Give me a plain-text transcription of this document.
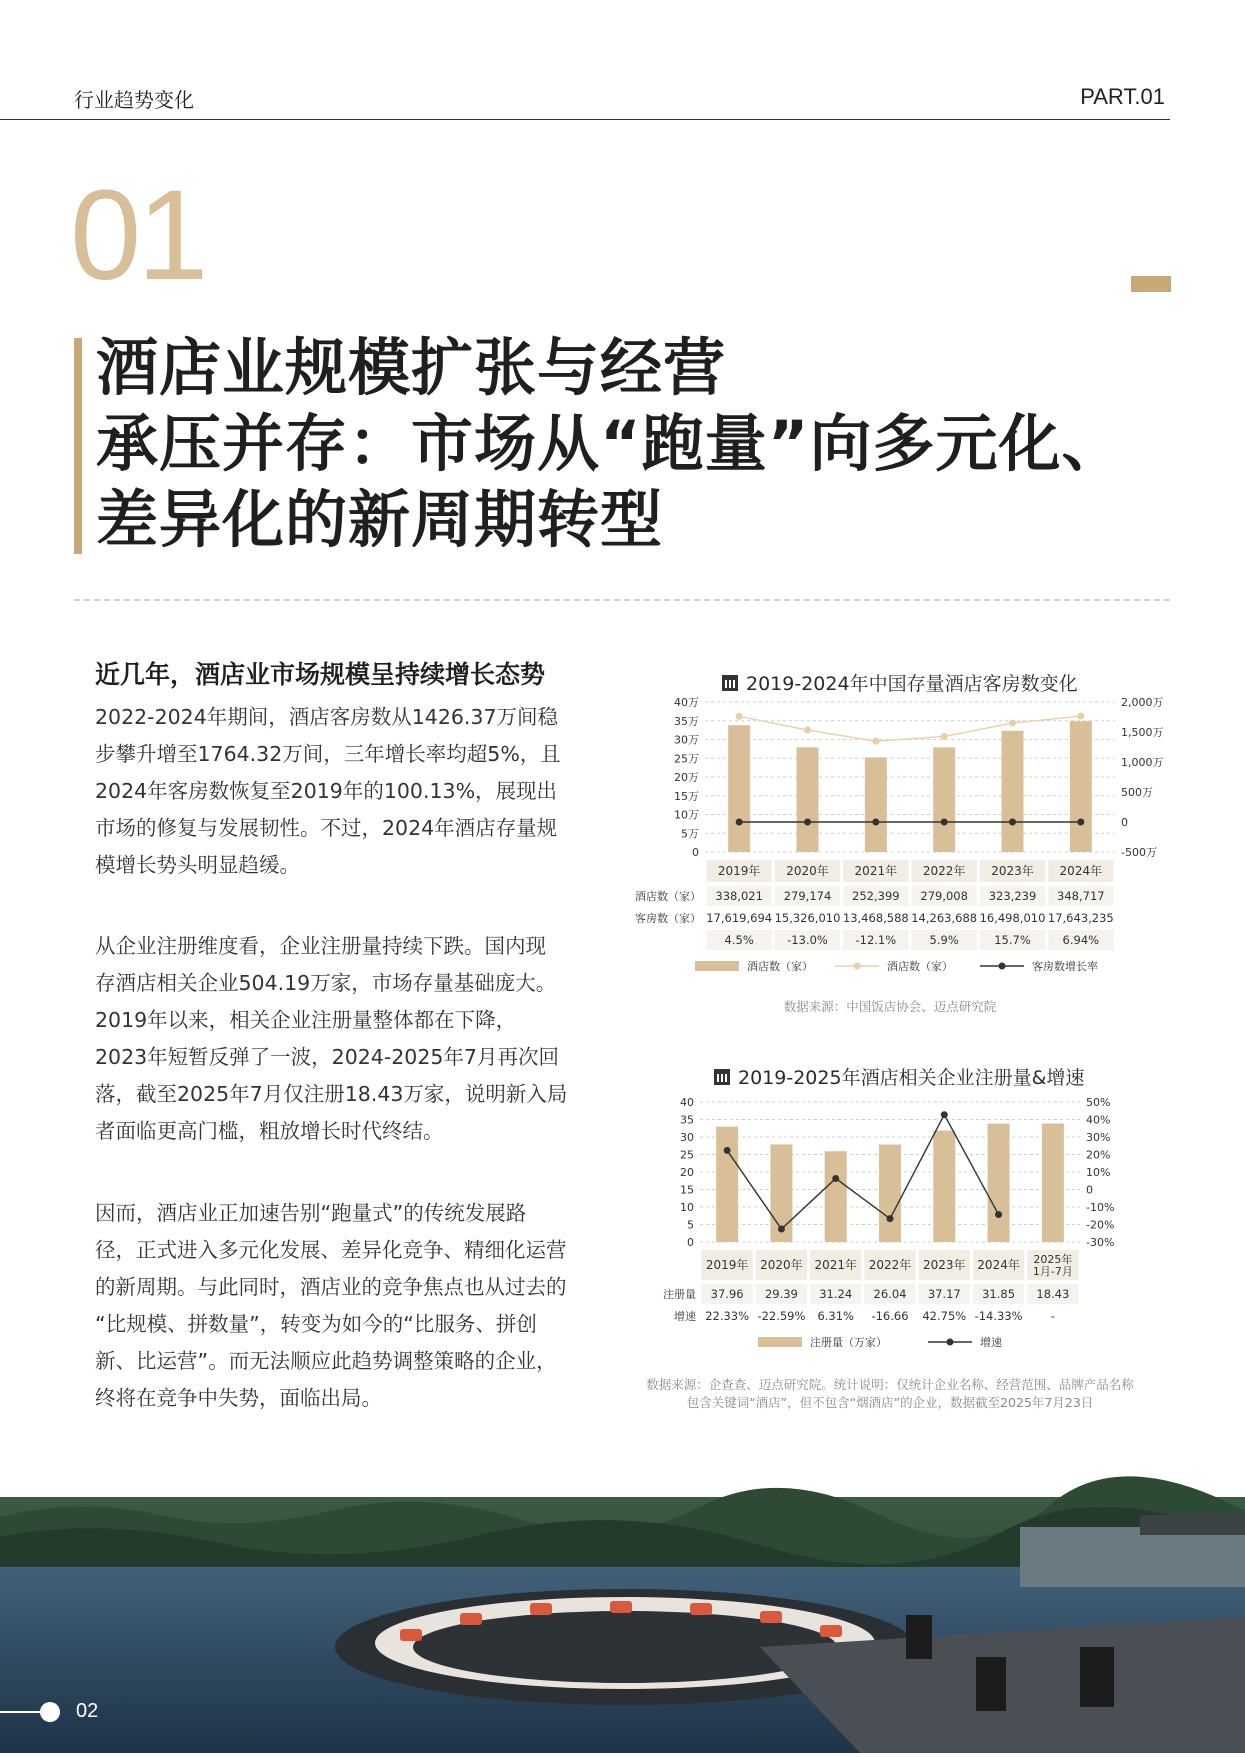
行业趋势变化	PART.01
01
酒店业规模扩张与经营
承压并存：市场从“跑量”向多元化、
差异化的新周期转型
近几年，酒店业市场规模呈持续增长态势
2022-2024年期间，酒店客房数从1426.37万间稳
步攀升增至1764.32万间，三年增长率均超5%，且
2024年客房数恢复至2019年的100.13%，展现出
市场的修复与发展韧性。不过，2024年酒店存量规
模增长势头明显趋缓。
从企业注册维度看，企业注册量持续下跌。国内现
存酒店相关企业504.19万家，市场存量基础庞大。
2019年以来，相关企业注册量整体都在下降，
2023年短暂反弹了一波，2024-2025年7月再次回
落，截至2025年7月仅注册18.43万家，说明新入局
者面临更高门槛，粗放增长时代终结。
因而，酒店业正加速告别“跑量式”的传统发展路
径，正式进入多元化发展、差异化竞争、精细化运营
的新周期。与此同时，酒店业的竞争焦点也从过去的
“比规模、拼数量”，转变为如今的“比服务、拼创
新、比运营”。而无法顺应此趋势调整策略的企业，
终将在竞争中失势，面临出局。
2019-2024年中国存量酒店客房数变化
40万
35万
30万
25万
20万
15万
10万
5万
0
2,000万
1,500万
1,000万
500万
0
-500万
2019年 2020年 2021年 2022年 2023年 2024年
酒店数（家） 338,021 279,174 252,399 279,008 323,239 348,717
客房数（家） 17,619,694 15,326,010 13,468,588 14,263,688 16,498,010 17,643,235
4.5%	-13.0% -12.1%	5.9%	15.7%	6.94%
酒店数（家）	酒店数（家）	客房数增长率
数据来源：中国饭店协会、迈点研究院
2019-2025年酒店相关企业注册量&增速
40
35
30
25
20
15
10
5
0
50%
40%
30%
20%
10%
0
-10%
-20%
-30%
2019年 2020年 2021年 2022年 2023年 2024年 2025年
1月-7月
注册量 37.96 29.39 31.24 26.04 37.17 31.85 18.43
增速 22.33% -22.59% 6.31% -16.66 42.75% -14.33% -
注册量（万家）	增速
数据来源：企查查、迈点研究院。统计说明：仅统计企业名称、经营范围、品牌产品名称
包含关键词“酒店”，但不包含“烟酒店”的企业，数据截至2025年7月23日
02
